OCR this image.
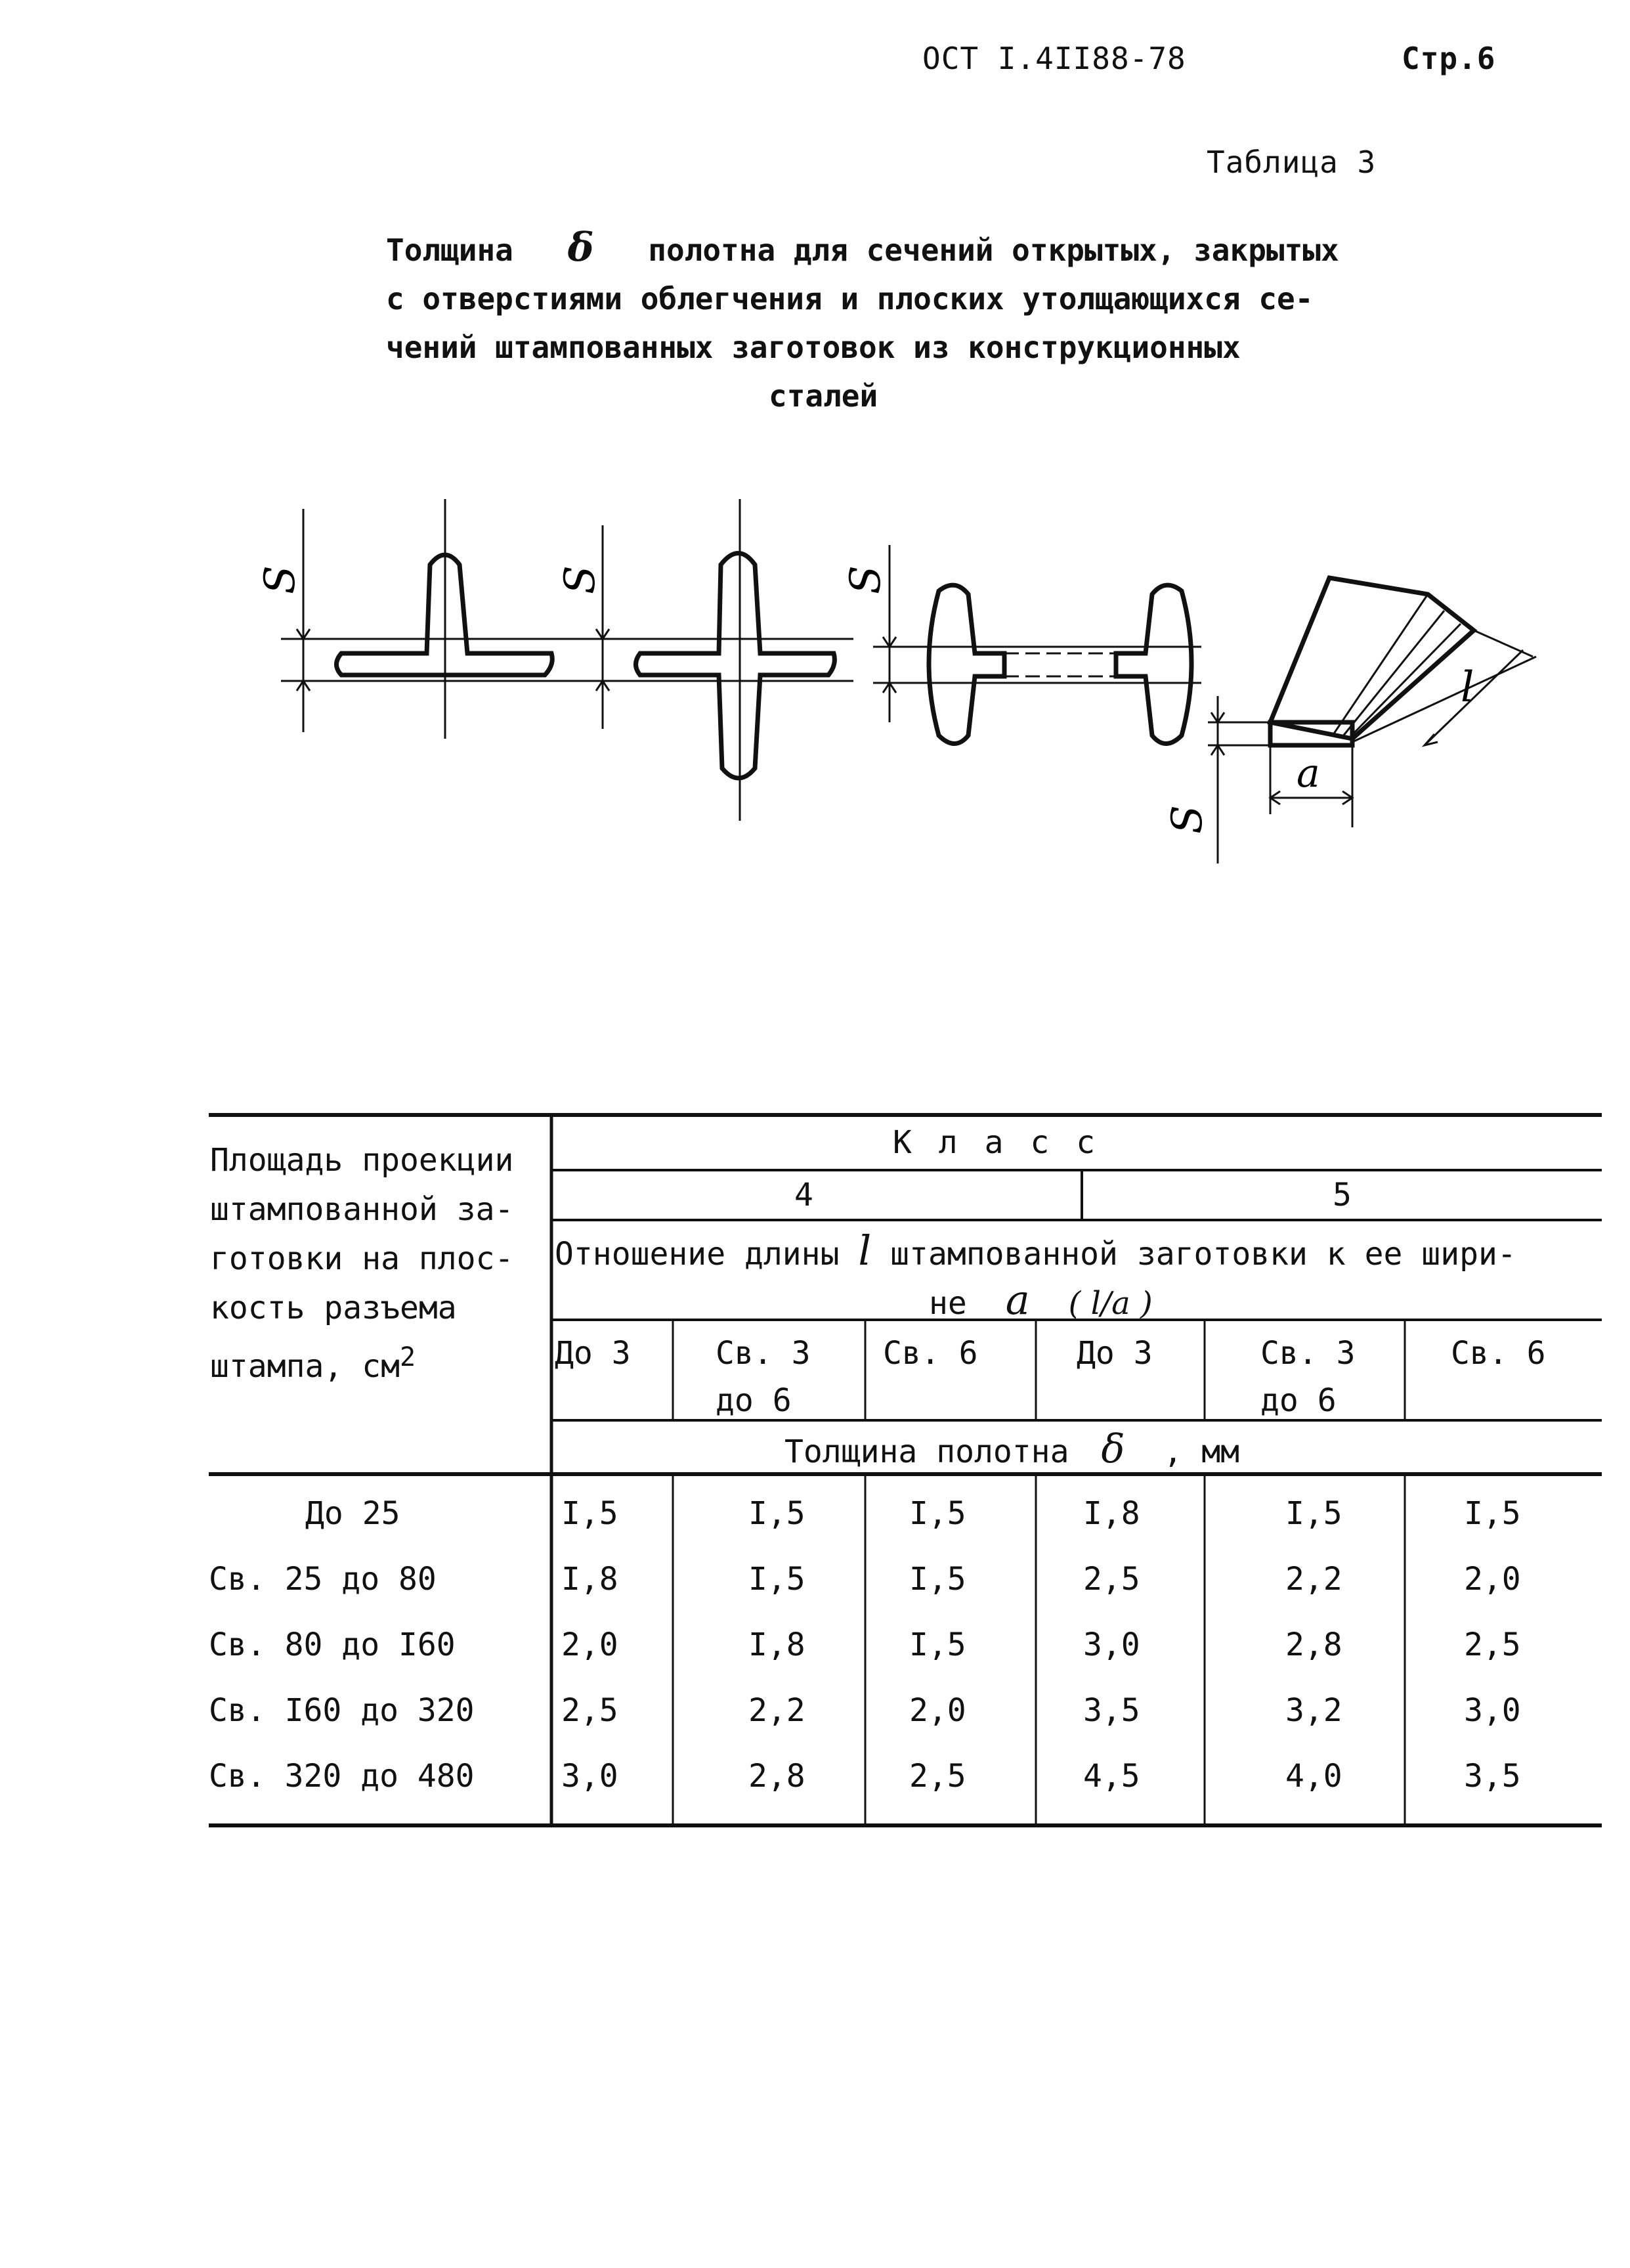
ОСТ I.4II88-78	Стр.6
Таблица 3
Толщина δ полотна для сечений открытых, закрытых
с отверстиями облегчения и плоских утолщающихся се-
чений штампованных заготовок из конструкционных
сталей
S	S	S
a
l
S
Площадь проекции
штампованной за-
готовки на плос-
кость разъема
штампа, $см^2$
К л а с с
4	5
Отношение длины l штампованной заготовки к ее шири-
не a ( l/a )
До 3	Св. 3
до 6
Св. 6	До 3	Св. 3
до 6
Св. 6
Толщина полотна δ , мм
До 25	I,5	I,5	I,5	I,8	I,5	I,5
Св. 25 до 80	I,8	I,5	I,5	2,5	2,2	2,0
Св. 80 до I60	2,0	I,8	I,5	3,0	2,8	2,5
Св. I60 до 320	2,5	2,2	2,0	3,5	3,2	3,0
Св. 320 до 480	3,0	2,8	2,5	4,5	4,0	3,5
